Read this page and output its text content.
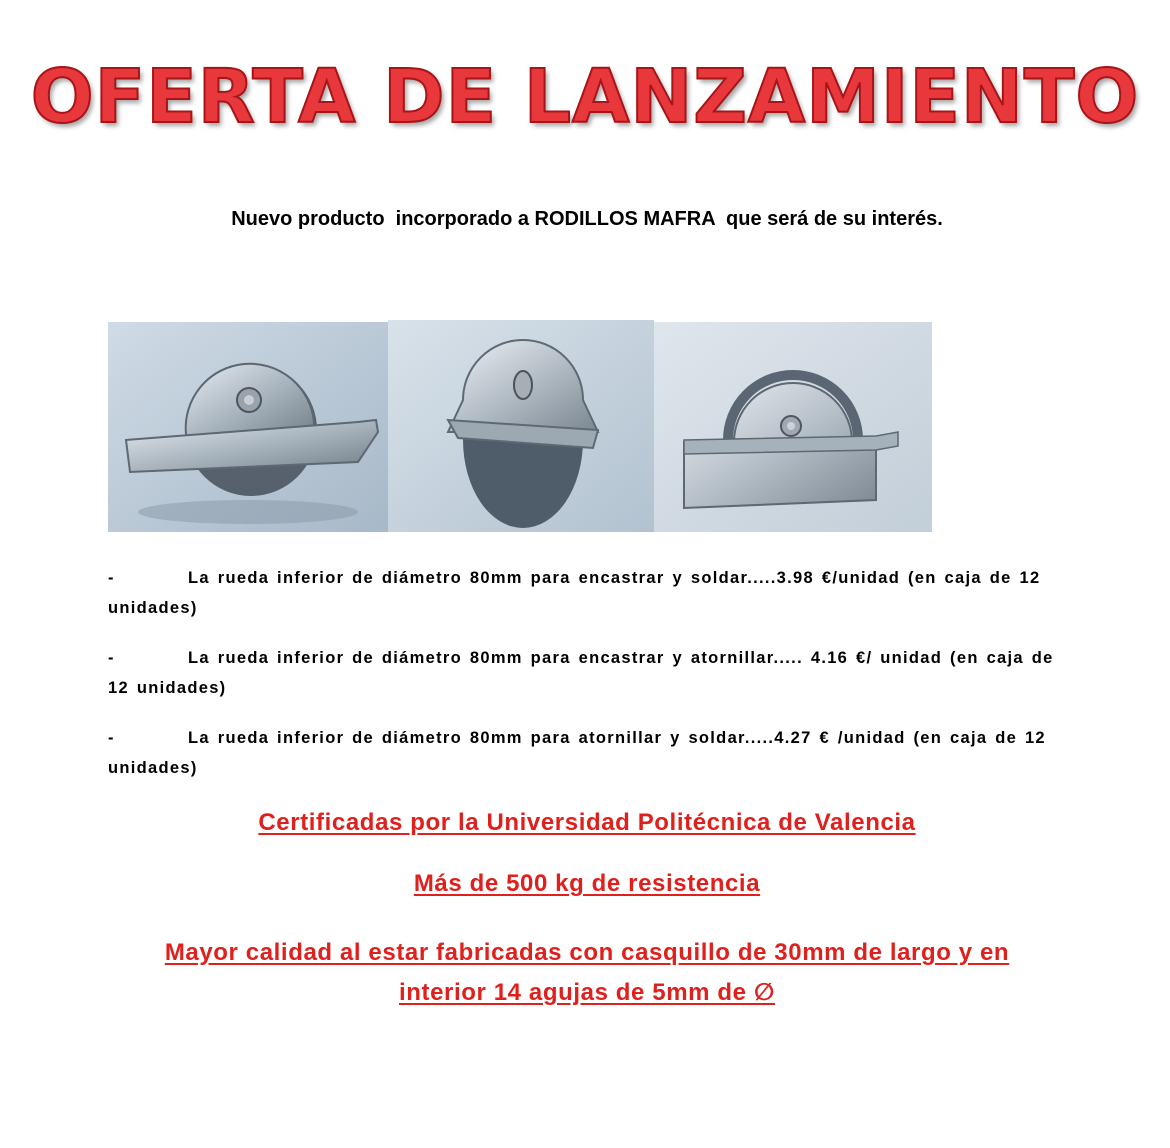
OFERTA DE LANZAMIENTO
Nuevo producto  incorporado a RODILLOS MAFRA  que será de su interés.
-	La rueda inferior de diámetro 80mm para encastrar y soldar.....3.98 €/unidad (en caja de 12 unidades)
-	La rueda inferior de diámetro 80mm para encastrar y atornillar..... 4.16 €/ unidad (en caja de 12 unidades)
-	La rueda inferior de diámetro 80mm para atornillar y soldar.....4.27 € /unidad (en caja de 12 unidades)
Certificadas por la Universidad Politécnica de Valencia
Más de 500 kg de resistencia
Mayor calidad al estar fabricadas con casquillo de 30mm de largo y en
interior 14 agujas de 5mm de ∅
